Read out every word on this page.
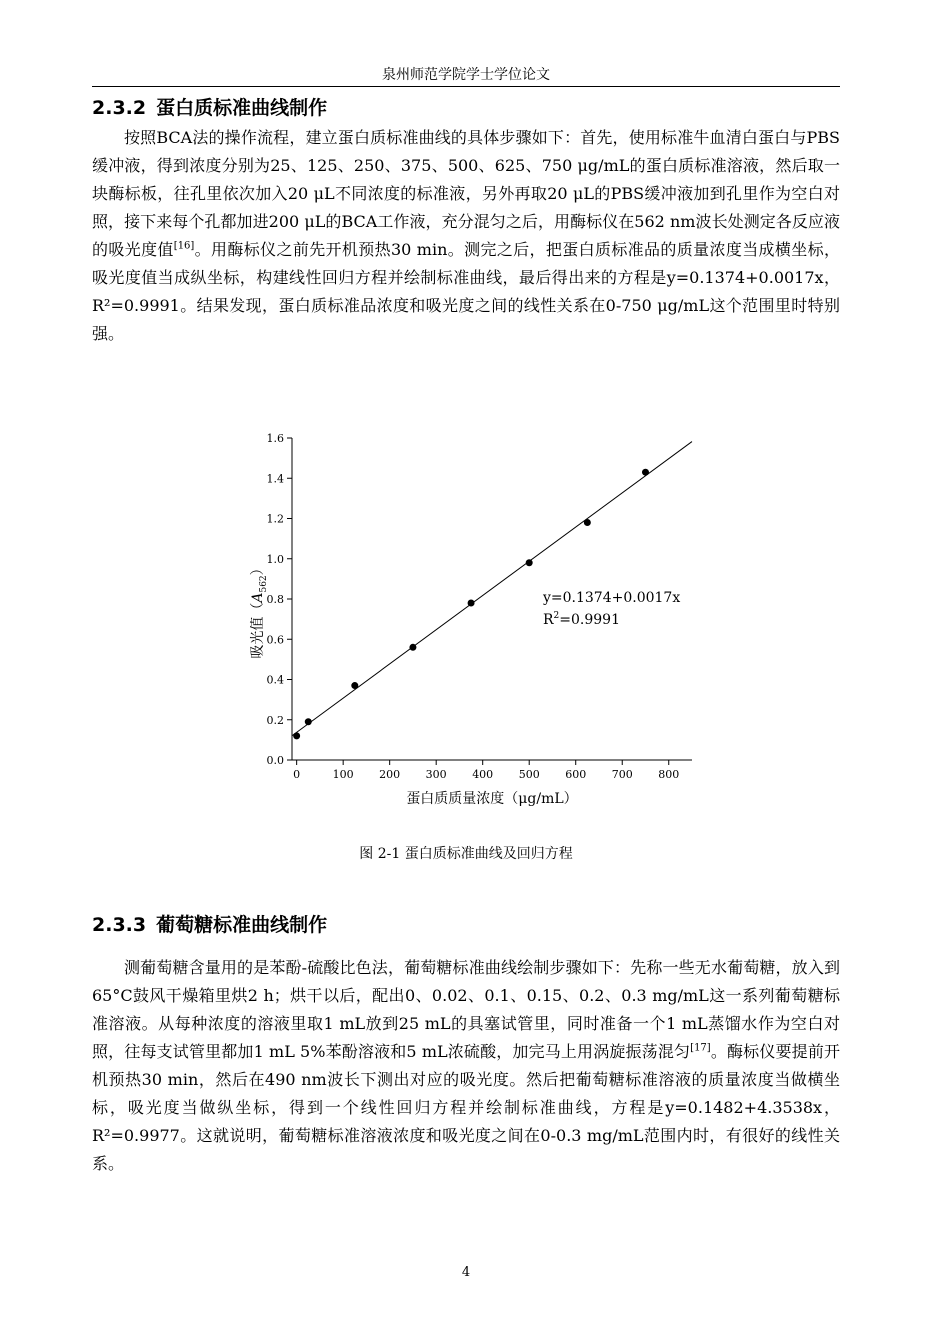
泉州师范学院学士学位论文
2.3.2 蛋白质标准曲线制作

按照BCA法的操作流程，建立蛋白质标准曲线的具体步骤如下：首先，使用标准牛血清白蛋白与PBS缓冲液，得到浓度分别为25、125、250、375、500、625、750 μg/mL的蛋白质标准溶液，然后取一块酶标板，往孔里依次加入20 μL不同浓度的标准液，另外再取20 μL的PBS缓冲液加到孔里作为空白对照，接下来每个孔都加进200 μL的BCA工作液，充分混匀之后，用酶标仪在562 nm波长处测定各反应液的吸光度值[16]。用酶标仪之前先开机预热30 min。测完之后，把蛋白质标准品的质量浓度当成横坐标，吸光度值当成纵坐标，构建线性回归方程并绘制标准曲线，最后得出来的方程是y=0.1374+0.0017x，R²=0.9991。结果发现，蛋白质标准品浓度和吸光度之间的线性关系在0-750 μg/mL这个范围里时特别强。

0	100 200 300 400 500 600 700 800
0.0
0.2
0.4
0.6
0.8
1.0
1.2
1.4
1.6
y=0.1374+0.0017x
$R^2=0.9991$
蛋白质质量浓度（μg/mL）
吸光值$(A_{562})$
图 2-1 蛋白质标准曲线及回归方程
2.3.3 葡萄糖标准曲线制作

测葡萄糖含量用的是苯酚-硫酸比色法，葡萄糖标准曲线绘制步骤如下：先称一些无水葡萄糖，放入到65°C鼓风干燥箱里烘2 h；烘干以后，配出0、0.02、0.1、0.15、0.2、0.3 mg/mL这一系列葡萄糖标准溶液。从每种浓度的溶液里取1 mL放到25 mL的具塞试管里，同时准备一个1 mL蒸馏水作为空白对照，往每支试管里都加1 mL 5%苯酚溶液和5 mL浓硫酸，加完马上用涡旋振荡混匀[17]。酶标仪要提前开机预热30 min，然后在490 nm波长下测出对应的吸光度。然后把葡萄糖标准溶液的质量浓度当做横坐标，吸光度当做纵坐标，得到一个线性回归方程并绘制标准曲线，方程是y=0.1482+4.3538x，R²=0.9977。这就说明，葡萄糖标准溶液浓度和吸光度之间在0-0.3 mg/mL范围内时，有很好的线性关系。

4
